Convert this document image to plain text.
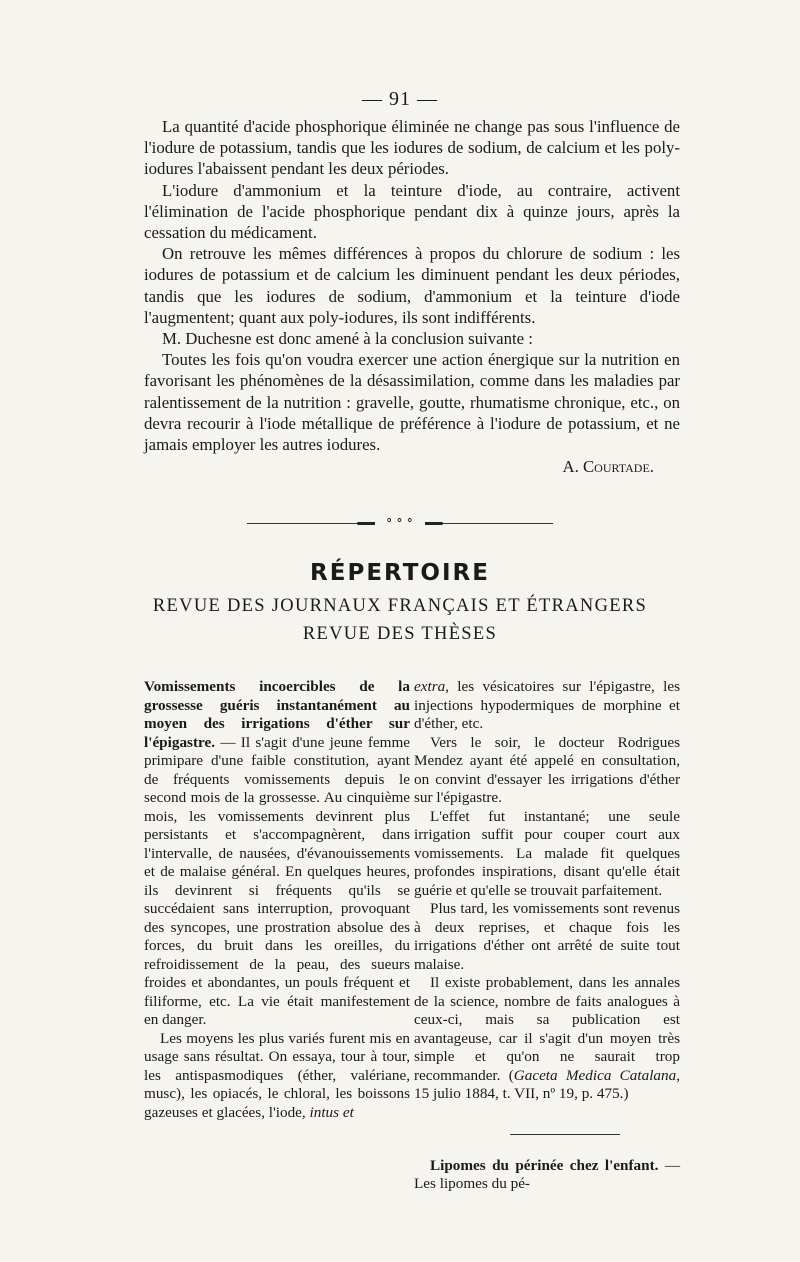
— 91 —

La quantité d'acide phosphorique éliminée ne change pas sous l'influence de l'iodure de potassium, tandis que les iodures de sodium, de calcium et les poly-iodures l'abaissent pendant les deux périodes.

L'iodure d'ammonium et la teinture d'iode, au contraire, activent l'élimination de l'acide phosphorique pendant dix à quinze jours, après la cessation du médicament.

On retrouve les mêmes différences à propos du chlorure de sodium : les iodures de potassium et de calcium les diminuent pendant les deux périodes, tandis que les iodures de sodium, d'ammonium et la teinture d'iode l'augmentent; quant aux poly-iodures, ils sont indifférents.

M. Duchesne est donc amené à la conclusion suivante :

Toutes les fois qu'on voudra exercer une action énergique sur la nutrition en favorisant les phénomènes de la désassimilation, comme dans les maladies par ralentissement de la nutrition : gravelle, goutte, rhumatisme chronique, etc., on devra recourir à l'iode métallique de préférence à l'iodure de potassium, et ne jamais employer les autres iodures.

A. Courtade.

⚬⚬⚬
RÉPERTOIRE
REVUE DES JOURNAUX FRANÇAIS ET ÉTRANGERS
REVUE DES THÈSES

Vomissements incoercibles de la grossesse guéris instantanément au moyen des irrigations d'éther sur l'épigastre. — Il s'agit d'une jeune femme primipare d'une faible constitution, ayant de fréquents vomissements depuis le second mois de la grossesse. Au cinquième mois, les vomissements devinrent plus persistants et s'accompagnèrent, dans l'intervalle, de nausées, d'évanouissements et de malaise général. En quelques heures, ils devinrent si fréquents qu'ils se succédaient sans interruption, provoquant des syncopes, une prostration absolue des forces, du bruit dans les oreilles, du refroidissement de la peau, des sueurs froides et abondantes, un pouls fréquent et filiforme, etc. La vie était manifestement en danger.

Les moyens les plus variés furent mis en usage sans résultat. On essaya, tour à tour, les antispasmodiques (éther, valériane, musc), les opiacés, le chloral, les boissons gazeuses et glacées, l'iode, intus et

extra, les vésicatoires sur l'épigastre, les injections hypodermiques de morphine et d'éther, etc.

Vers le soir, le docteur Rodrigues Mendez ayant été appelé en consultation, on convint d'essayer les irrigations d'éther sur l'épigastre.

L'effet fut instantané; une seule irrigation suffit pour couper court aux vomissements. La malade fit quelques profondes inspirations, disant qu'elle était guérie et qu'elle se trouvait parfaitement.

Plus tard, les vomissements sont revenus à deux reprises, et chaque fois les irrigations d'éther ont arrêté de suite tout malaise.

Il existe probablement, dans les annales de la science, nombre de faits analogues à ceux-ci, mais sa publication est avantageuse, car il s'agit d'un moyen très simple et qu'on ne saurait trop recommander. (Gaceta Medica Catalana, 15 julio 1884, t. VII, nº 19, p. 475.)

Lipomes du périnée chez l'enfant. — Les lipomes du pé-
